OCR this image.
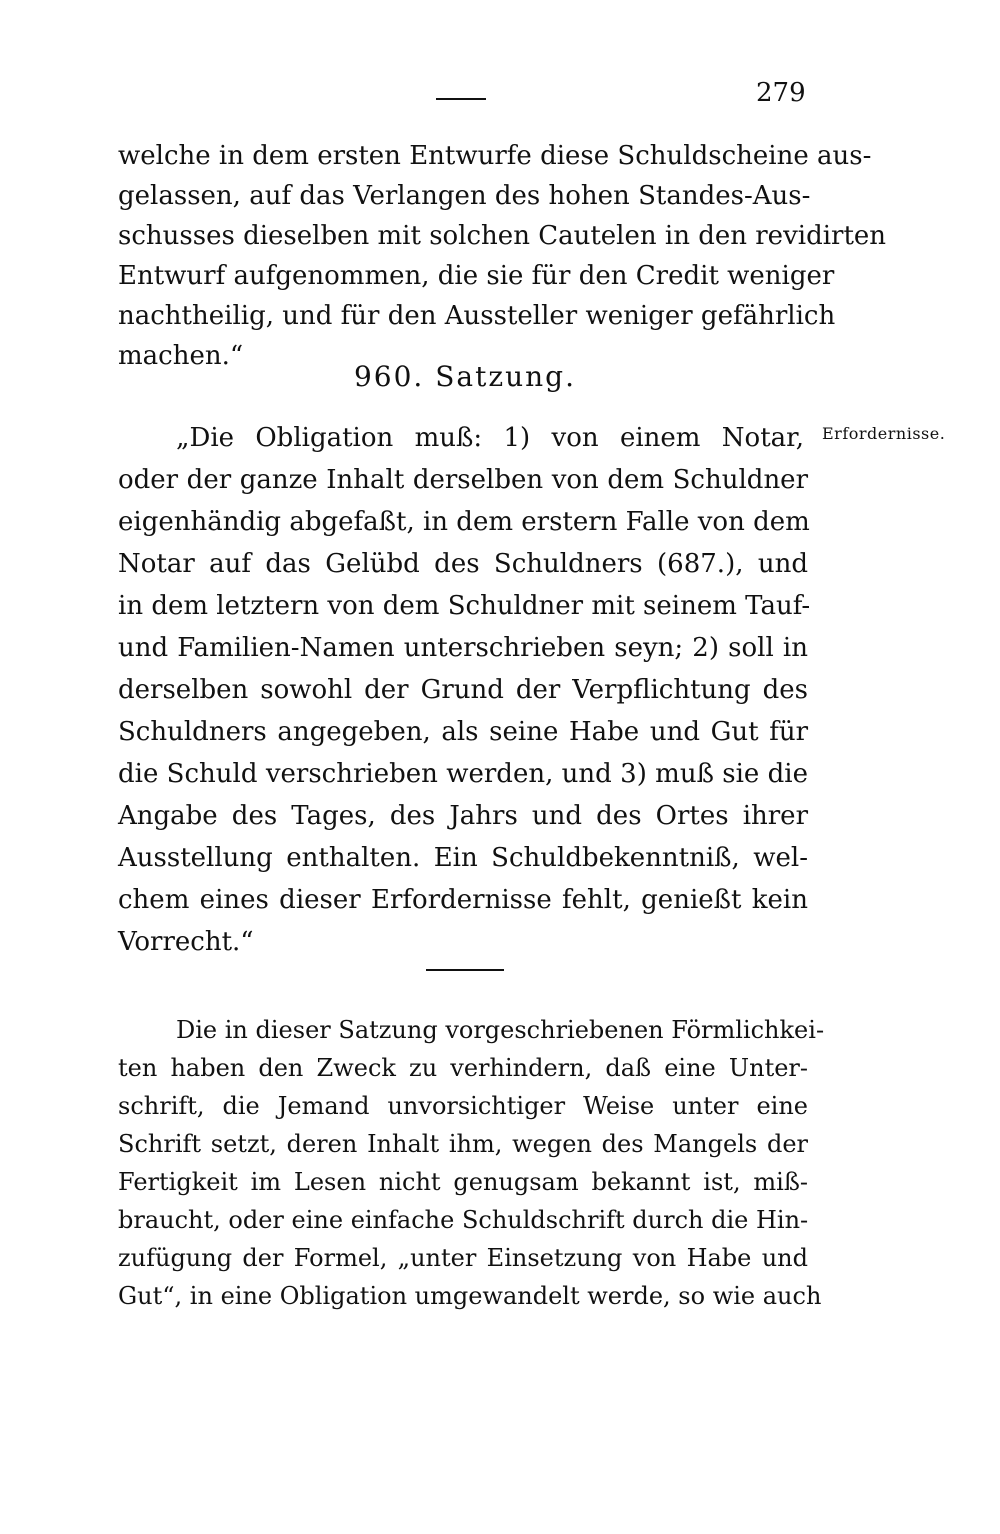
279
welche in dem ersten Entwurfe diese Schuldscheine aus-
gelassen, auf das Verlangen des hohen Standes-Aus-
schusses dieselben mit solchen Cautelen in den revidirten
Entwurf aufgenommen, die sie für den Credit weniger
nachtheilig, und für den Aussteller weniger gefährlich
machen.“
960. Satzung.
Erfordernisse.
„Die Obligation muß: 1) von einem Notar,
oder der ganze Inhalt derselben von dem Schuldner
eigenhändig abgefaßt, in dem erstern Falle von dem
Notar auf das Gelübd des Schuldners (687.), und
in dem letztern von dem Schuldner mit seinem Tauf-
und Familien-Namen unterschrieben seyn; 2) soll in
derselben sowohl der Grund der Verpflichtung des
Schuldners angegeben, als seine Habe und Gut für
die Schuld verschrieben werden, und 3) muß sie die
Angabe des Tages, des Jahrs und des Ortes ihrer
Ausstellung enthalten. Ein Schuldbekenntniß, wel-
chem eines dieser Erfordernisse fehlt, genießt kein
Vorrecht.“
Die in dieser Satzung vorgeschriebenen Förmlichkei-
ten haben den Zweck zu verhindern, daß eine Unter-
schrift, die Jemand unvorsichtiger Weise unter eine
Schrift setzt, deren Inhalt ihm, wegen des Mangels der
Fertigkeit im Lesen nicht genugsam bekannt ist, miß-
braucht, oder eine einfache Schuldschrift durch die Hin-
zufügung der Formel, „unter Einsetzung von Habe und
Gut“, in eine Obligation umgewandelt werde, so wie auch
